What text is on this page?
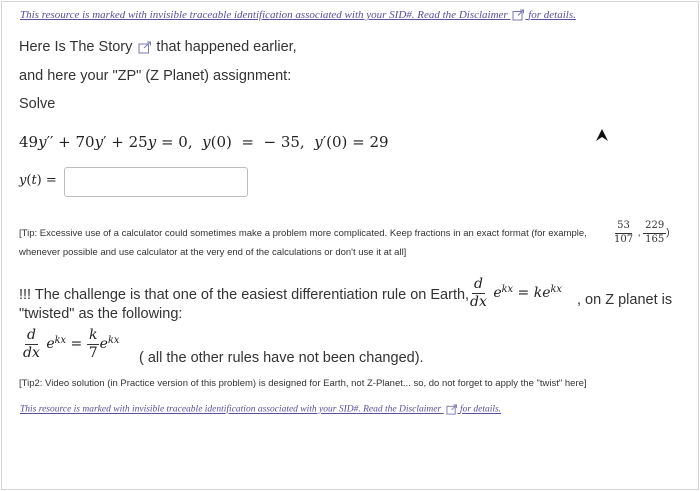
This resource is marked with invisible traceable identification associated with your SID#. Read the Disclaimer for details.
Here Is The Story that happened earlier,
and here your "ZP" (Z Planet) assignment:
Solve
49y′′ + 70y′ + 25y = 0,  y(0)  =  − 35, y′(0) = 29
y(t) =
[Tip: Excessive use of a calculator could sometimes make a problem more complicated. Keep fractions in an exact format (for example,	$\frac{53}{107}$ , $\frac{229}{165}$ )
whenever possible and use calculator at the very end of the calculations or don't use it at all]
!!! The challenge is that one of the easiest differentiation rule on Earth,
$\frac{d}{dx} e^{kx} = ke^{kx}$
, on Z planet is
"twisted" as the following:
$\frac{d}{dx} e^{kx} = \frac{k}{7} e^{kx}$
( all the other rules have not been changed).
[Tip2: Video solution (in Practice version of this problem) is designed for Earth, not Z-Planet... so, do not forget to apply the "twist" here]
This resource is marked with invisible traceable identification associated with your SID#. Read the Disclaimer for details.
